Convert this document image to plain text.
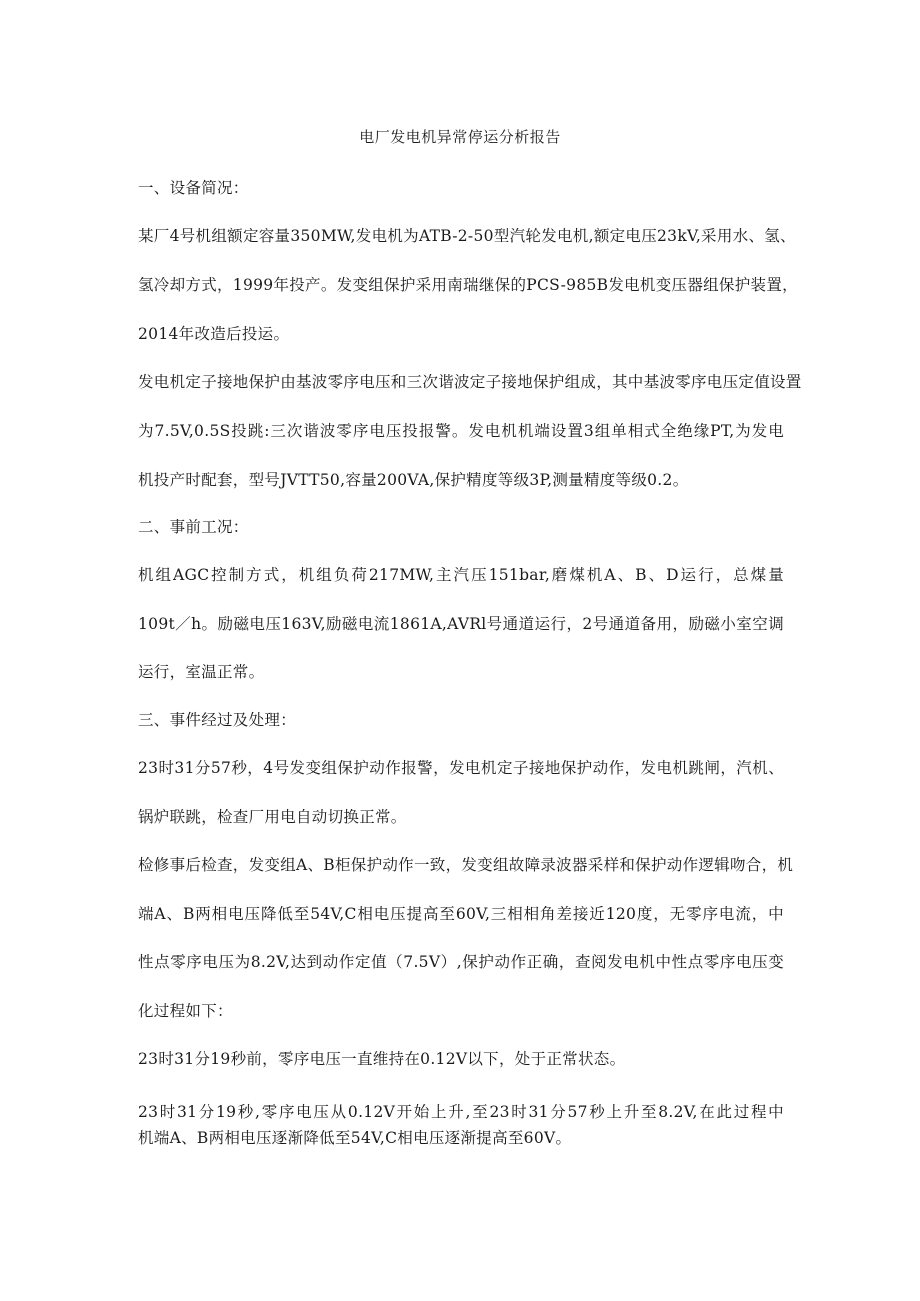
电厂发电机异常停运分析报告
一、设备简况：
某厂4号机组额定容量350MW,发电机为ATB-2-50型汽轮发电机,额定电压23kV,采用水、氢、
氢冷却方式，1999年投产。发变组保护采用南瑞继保的PCS-985B发电机变压器组保护装置，
2014年改造后投运。
发电机定子接地保护由基波零序电压和三次谐波定子接地保护组成，其中基波零序电压定值设置
为7.5V,0.5S投跳:三次谐波零序电压投报警。发电机机端设置3组单相式全绝缘PT,为发电
机投产时配套，型号JVTT50,容量200VA,保护精度等级3P,测量精度等级0.2。
二、事前工况：
机组AGC控制方式，机组负荷217MW,主汽压151bar,磨煤机A、B、D运行，总煤量
109t／h。励磁电压163V,励磁电流1861A,AVRl号通道运行，2号通道备用，励磁小室空调
运行，室温正常。
三、事件经过及处理：
23时31分57秒，4号发变组保护动作报警，发电机定子接地保护动作，发电机跳闸，汽机、
锅炉联跳，检查厂用电自动切换正常。
检修事后检查，发变组A、B柜保护动作一致，发变组故障录波器采样和保护动作逻辑吻合，机
端A、B两相电压降低至54V,C相电压提高至60V,三相相角差接近120度，无零序电流，中
性点零序电压为8.2V,达到动作定值（7.5V）,保护动作正确，查阅发电机中性点零序电压变
化过程如下：
23时31分19秒前，零序电压一直维持在0.12V以下，处于正常状态。
23时31分19秒,零序电压从0.12V开始上升,至23时31分57秒上升至8.2V,在此过程中
机端A、B两相电压逐渐降低至54V,C相电压逐渐提高至60V。
